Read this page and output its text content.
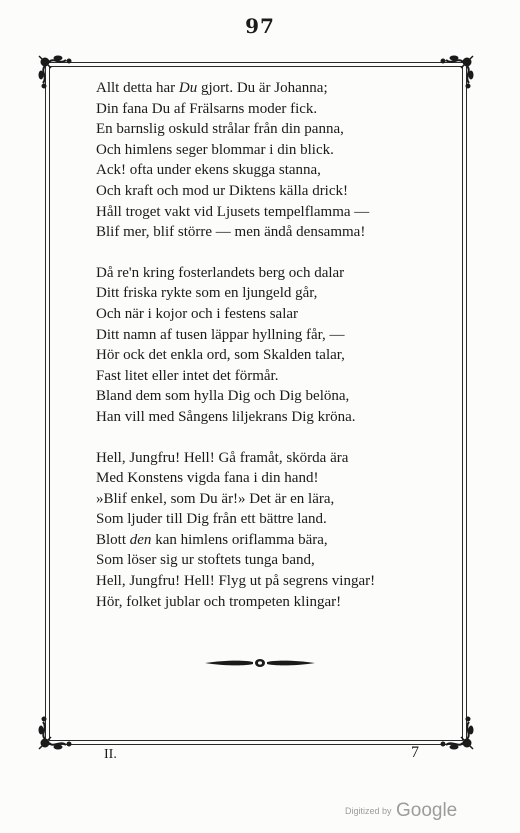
97
Allt detta har Du gjort. Du är Johanna;
Din fana Du af Frälsarns moder fick.
En barnslig oskuld strålar från din panna,
Och himlens seger blommar i din blick.
Ack! ofta under ekens skugga stanna,
Och kraft och mod ur Diktens källa drick!
Håll troget vakt vid Ljusets tempelflamma —
Blif mer, blif större — men ändå densamma!
Då re'n kring fosterlandets berg och dalar
Ditt friska rykte som en ljungeld går,
Och när i kojor och i festens salar
Ditt namn af tusen läppar hyllning får, —
Hör ock det enkla ord, som Skalden talar,
Fast litet eller intet det förmår.
Bland dem som hylla Dig och Dig belöna,
Han vill med Sångens liljekrans Dig kröna.
Hell, Jungfru! Hell! Gå framåt, skörda ära
Med Konstens vigda fana i din hand!
»Blif enkel, som Du är!» Det är en lära,
Som ljuder till Dig från ett bättre land.
Blott den kan himlens oriflamma bära,
Som löser sig ur stoftets tunga band,
Hell, Jungfru! Hell! Flyg ut på segrens vingar!
Hör, folket jublar och trompeten klingar!
II.	7
Digitized by Google
